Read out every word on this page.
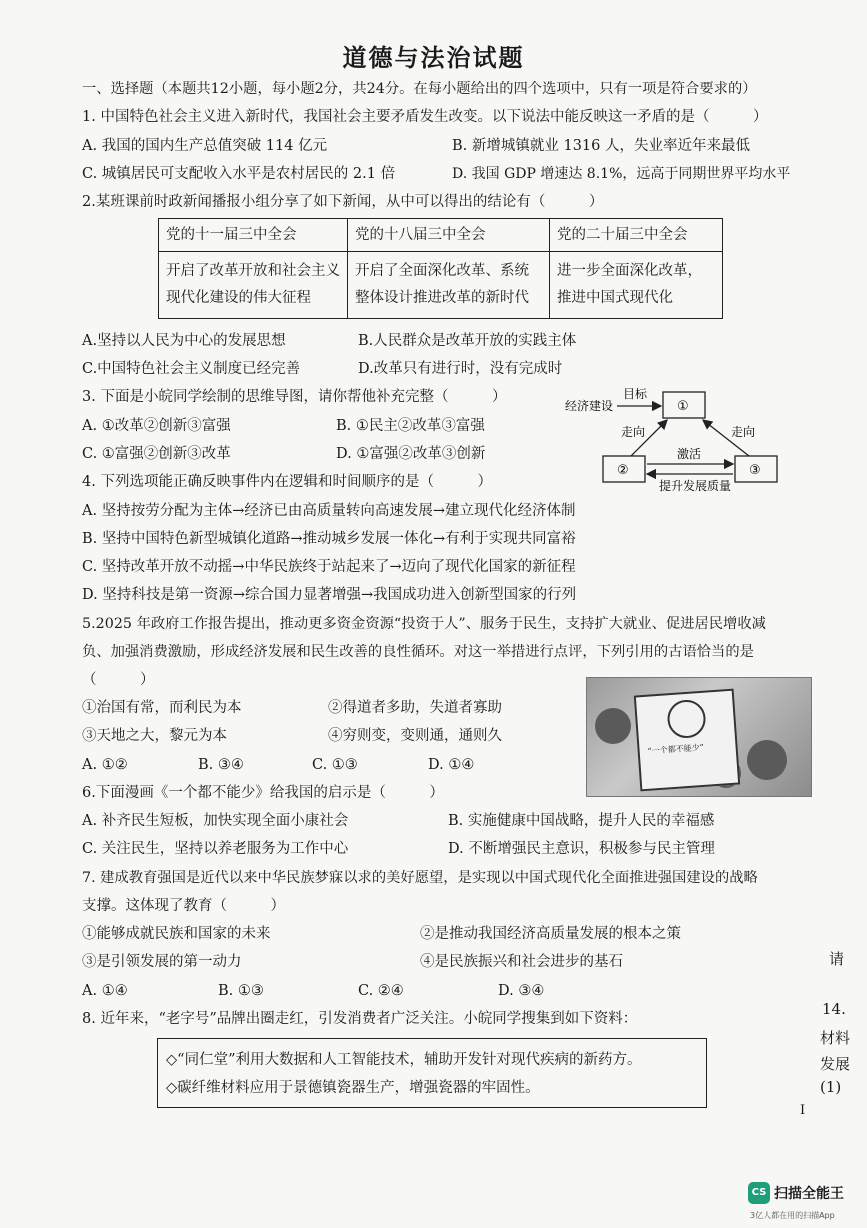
道德与法治试题
一、选择题（本题共12小题，每小题2分，共24分。在每小题给出的四个选项中，只有一项是符合要求的）
1. 中国特色社会主义进入新时代，我国社会主要矛盾发生改变。以下说法中能反映这一矛盾的是（　　　）
A. 我国的国内生产总值突破 114 亿元	B. 新增城镇就业 1316 人，失业率近年来最低
C. 城镇居民可支配收入水平是农村居民的 2.1 倍	D. 我国 GDP 增速达 8.1%，远高于同期世界平均水平
2.某班课前时政新闻播报小组分享了如下新闻，从中可以得出的结论有（　　　）
党的十一届三中全会	党的十八届三中全会	党的二十届三中全会
开启了改革开放和社会主义现代化建设的伟大征程	开启了全面深化改革、系统整体设计推进改革的新时代	进一步全面深化改革，推进中国式现代化
A.坚持以人民为中心的发展思想	B.人民群众是改革开放的实践主体
C.中国特色社会主义制度已经完善	D.改革只有进行时，没有完成时
3. 下面是小皖同学绘制的思维导图，请你帮他补充完整（　　　）
A. ①改革②创新③富强	B. ①民主②改革③富强
C. ①富强②创新③改革	D. ①富强②改革③创新
经济建设
目标
①
②	③
走向	走向
激活
提升发展质量
4. 下列选项能正确反映事件内在逻辑和时间顺序的是（　　　）
A. 坚持按劳分配为主体→经济已由高质量转向高速发展→建立现代化经济体制
B. 坚持中国特色新型城镇化道路→推动城乡发展一体化→有利于实现共同富裕
C. 坚持改革开放不动摇→中华民族终于站起来了→迈向了现代化国家的新征程
D. 坚持科技是第一资源→综合国力显著增强→我国成功进入创新型国家的行列
5.2025 年政府工作报告提出，推动更多资金资源“投资于人”、服务于民生，支持扩大就业、促进居民增收减
负、加强消费激励，形成经济发展和民生改善的良性循环。对这一举措进行点评，下列引用的古语恰当的是
（　　　）
①治国有常，而利民为本	②得道者多助，失道者寡助
③天地之大，黎元为本	④穷则变，变则通，通则久
A. ①②	B. ③④	C. ①③	D. ①④
“一个都不能少”
6.下面漫画《一个都不能少》给我国的启示是（　　　）
A. 补齐民生短板，加快实现全面小康社会	B. 实施健康中国战略，提升人民的幸福感
C. 关注民生，坚持以养老服务为工作中心	D. 不断增强民主意识，积极参与民主管理
7. 建成教育强国是近代以来中华民族梦寐以求的美好愿望，是实现以中国式现代化全面推进强国建设的战略
支撑。这体现了教育（　　　）
①能够成就民族和国家的未来	②是推动我国经济高质量发展的根本之策
③是引领发展的第一动力	④是民族振兴和社会进步的基石
A. ①④	B. ①③	C. ②④	D. ③④
8. 近年来，“老字号”品牌出圈走红，引发消费者广泛关注。小皖同学搜集到如下资料：
◇“同仁堂”利用大数据和人工智能技术，辅助开发针对现代疾病的新药方。
◇碳纤维材料应用于景德镇瓷器生产，增强瓷器的牢固性。
请
14.
材料
发展
(1)
I
CS 扫描全能王
3亿人都在用的扫描App
